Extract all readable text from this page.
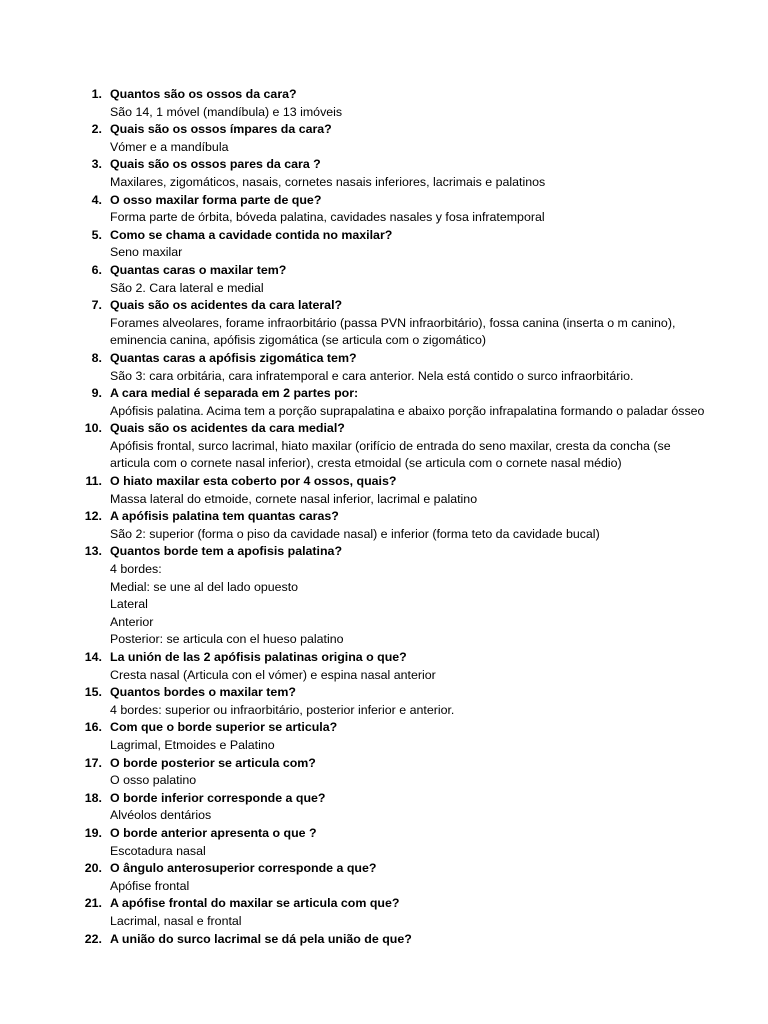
1. Quantos são os ossos da cara?
São 14, 1 móvel (mandíbula) e 13 imóveis
2. Quais são os ossos ímpares da cara?
Vómer e a mandíbula
3. Quais são os ossos pares da cara ?
Maxilares, zigomáticos, nasais, cornetes nasais inferiores, lacrimais e palatinos
4. O osso maxilar forma parte de que?
Forma parte de órbita, bóveda palatina, cavidades nasales y fosa infratemporal
5. Como se chama a cavidade contida no maxilar?
Seno maxilar
6. Quantas caras o maxilar tem?
São 2. Cara lateral e medial
7. Quais são os acidentes da cara lateral?
Forames alveolares, forame infraorbitário (passa PVN infraorbitário), fossa canina (inserta o m canino),
eminencia canina, apófisis zigomática (se articula com o zigomático)
8. Quantas caras a apófisis zigomática tem?
São 3: cara orbitária, cara infratemporal e cara anterior. Nela está contido o surco infraorbitário.
9. A cara medial é separada em 2 partes por:
Apófisis palatina. Acima tem a porção suprapalatina e abaixo porção infrapalatina formando o paladar ósseo
10. Quais são os acidentes da cara medial?
Apófisis frontal, surco lacrimal, hiato maxilar (orifício de entrada do seno maxilar, cresta da concha (se
articula com o cornete nasal inferior), cresta etmoidal (se articula com o cornete nasal médio)
11. O hiato maxilar esta coberto por 4 ossos, quais?
Massa lateral do etmoide, cornete nasal inferior, lacrimal e palatino
12. A apófisis palatina tem quantas caras?
São 2: superior (forma o piso da cavidade nasal) e inferior (forma teto da cavidade bucal)
13. Quantos borde tem a apofisis palatina?
4 bordes:
Medial: se une al del lado opuesto
Lateral
Anterior
Posterior: se articula con el hueso palatino
14. La unión de las 2 apófisis palatinas origina o que?
Cresta nasal (Articula con el vómer) e espina nasal anterior
15. Quantos bordes o maxilar tem?
4 bordes: superior ou infraorbitário, posterior inferior e anterior.
16. Com que o borde superior se articula?
Lagrimal, Etmoides e Palatino
17. O borde posterior se articula com?
O osso palatino
18. O borde inferior corresponde a que?
Alvéolos dentários
19. O borde anterior apresenta o que ?
Escotadura nasal
20. O ângulo anterosuperior corresponde a que?
Apófise frontal
21. A apófise frontal do maxilar se articula com que?
Lacrimal, nasal e frontal
22. A união do surco lacrimal se dá pela união de que?
